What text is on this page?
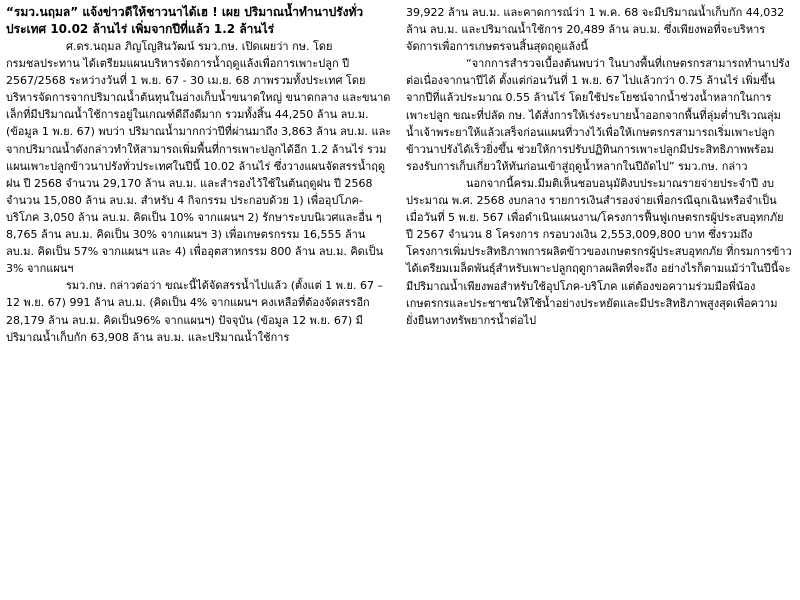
“รมว.นฤมล” แจ้งข่าวดีให้ชาวนาได้เฮ ! เผย ปริมาณน้ำทำนาปรังทั่วประเทศ 10.02 ล้านไร่ เพิ่มจากปีที่แล้ว 1.2 ล้านไร่

ศ.ดร.นฤมล ภิญโญสินวัฒน์ รมว.กษ. เปิดเผยว่า กษ. โดยกรมชลประทาน ได้เตรียมแผนบริหารจัดการน้ำฤดูแล้งเพื่อการเพาะปลูก ปี 2567/2568 ระหว่างวันที่ 1 พ.ย. 67 - 30 เม.ย. 68 ภาพรวมทั้งประเทศ โดยบริหารจัดการจากปริมาณน้ำต้นทุนในอ่างเก็บน้ำขนาดใหญ่ ขนาดกลาง และขนาดเล็กที่มีปริมาณน้ำใช้การอยู่ในเกณฑ์ดีถึงดีมาก รวมทั้งสิ้น 44,250 ล้าน ลบ.ม. (ข้อมูล 1 พ.ย. 67) พบว่า ปริมาณน้ำมากกว่าปีที่ผ่านมาถึง 3,863 ล้าน ลบ.ม. และจากปริมาณน้ำดังกล่าวทำให้สามารถเพิ่มพื้นที่การเพาะปลูกได้อีก 1.2 ล้านไร่ รวมแผนเพาะปลูกข้าวนาปรังทั่วประเทศในปีนี้ 10.02 ล้านไร่ ซึ่งวางแผนจัดสรรน้ำฤดูฝน ปี 2568 จำนวน 29,170 ล้าน ลบ.ม. และสำรองไว้ใช้ในต้นฤดูฝน ปี 2568 จำนวน 15,080 ล้าน ลบ.ม. สำหรับ 4 กิจกรรม ประกอบด้วย 1) เพื่ออุปโภค-บริโภค 3,050 ล้าน ลบ.ม. คิดเป็น 10% จากแผนฯ 2) รักษาระบบนิเวศและอื่น ๆ 8,765 ล้าน ลบ.ม. คิดเป็น 30% จากแผนฯ 3) เพื่อเกษตรกรรม 16,555 ล้าน ลบ.ม. คิดเป็น 57% จากแผนฯ และ 4) เพื่ออุตสาหกรรม 800 ล้าน ลบ.ม. คิดเป็น 3% จากแผนฯ

รมว.กษ. กล่าวต่อว่า ขณะนี้ได้จัดสรรน้ำไปแล้ว (ตั้งแต่ 1 พ.ย. 67 – 12 พ.ย. 67) 991 ล้าน ลบ.ม. (คิดเป็น 4% จากแผนฯ คงเหลือที่ต้องจัดสรรอีก 28,179 ล้าน ลบ.ม. คิดเป็น96% จากแผนฯ) ปัจจุบัน (ข้อมูล 12 พ.ย. 67) มีปริมาณน้ำเก็บกัก 63,908 ล้าน ลบ.ม. และปริมาณน้ำใช้การ

39,922 ล้าน ลบ.ม. และคาดการณ์ว่า 1 พ.ค. 68 จะมีปริมาณน้ำเก็บกัก 44,032 ล้าน ลบ.ม. และปริมาณน้ำใช้การ 20,489 ล้าน ลบ.ม. ซึ่งเพียงพอที่จะบริหารจัดการเพื่อการเกษตรจนสิ้นสุดฤดูแล้งนี้

“จากการสำรวจเบื้องต้นพบว่า ในบางพื้นที่เกษตรกรสามารถทำนาปรังต่อเนื่องจากนาปีได้ ตั้งแต่ก่อนวันที่ 1 พ.ย. 67 ไปแล้วกว่า 0.75 ล้านไร่ เพิ่มขึ้นจากปีที่แล้วประมาณ 0.55 ล้านไร่ โดยใช้ประโยชน์จากน้ำช่วงน้ำหลากในการเพาะปลูก ขณะที่ปลัด กษ. ได้สั่งการให้เร่งระบายน้ำออกจากพื้นที่ลุ่มต่ำบริเวณลุ่มน้ำเจ้าพระยาให้แล้วเสร็จก่อนแผนที่วางไว้เพื่อให้เกษตรกรสามารถเริ่มเพาะปลูกข้าวนาปรังได้เร็วยิ่งขึ้น ช่วยให้การปรับปฏิทินการเพาะปลูกมีประสิทธิภาพพร้อมรองรับการเก็บเกี่ยวให้ทันก่อนเข้าสู่ฤดูน้ำหลากในปีถัดไป” รมว.กษ. กล่าว

นอกจากนี้ครม.มีมติเห็นชอบอนุมัติงบประมาณรายจ่ายประจำปี งบประมาณ พ.ศ. 2568 งบกลาง รายการเงินสำรองจ่ายเพื่อกรณีฉุกเฉินหรือจำเป็น เมื่อวันที่ 5 พ.ย. 567 เพื่อดำเนินแผนงาน/โครงการฟื้นฟูเกษตรกรผู้ประสบอุทกภัย ปี 2567 จำนวน 8 โครงการ กรอบวงเงิน 2,553,009,800 บาท ซึ่งรวมถึงโครงการเพิ่มประสิทธิภาพการผลิตข้าวของเกษตรกรผู้ประสบอุทกภัย ที่กรมการข้าวได้เตรียมเมล็ดพันธุ์สำหรับเพาะปลูกฤดูกาลผลิตที่จะถึง อย่างไรก็ตามแม้ว่าในปีนี้จะมีปริมาณน้ำเพียงพอสำหรับใช้อุปโภค-บริโภค แต่ต้องขอความร่วมมือพี่น้องเกษตรกรและประชาชนให้ใช้น้ำอย่างประหยัดและมีประสิทธิภาพสูงสุดเพื่อความยั่งยืนทางทรัพยากรน้ำต่อไป
